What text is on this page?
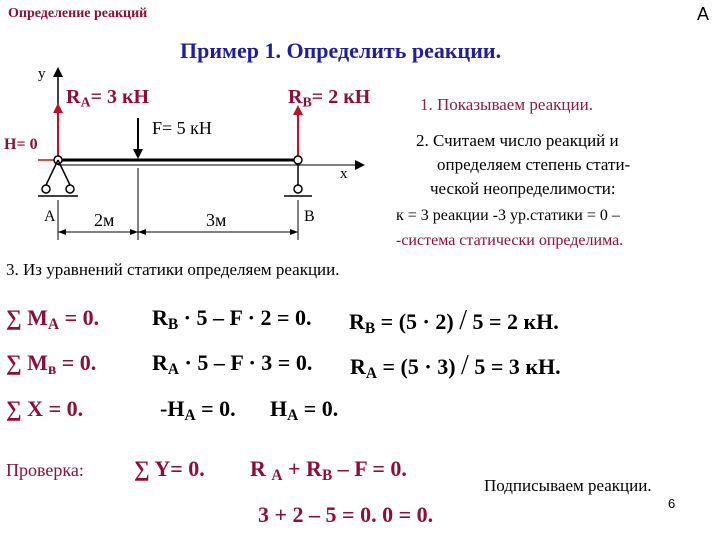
Определение реакций	A
Пример 1. Определить реакции.
y
x
$R_A= 3$ кН	$R_B= 2$ кН
F= 5 кН
H= 0
A	B
2м	3м
1. Показываем реакции.
2. Считаем число реакций и
определяем степень стати-
ческой неопределимости:
к = 3 реакции -3 ур.статики = 0 –
-система статически определима.
3. Из уравнений статики определяем реакции.
∑ $M_A = 0$. $R_B \cdot 5 - F \cdot 2 = 0$. $R_B = (5 \cdot 2) / 5 = 2$ кН.
∑ $M_в = 0$.	$R_A \cdot 5 - F \cdot 3 = 0$. $R_A = (5 \cdot 3) / 5 = 3$ кН.
∑ X = 0.	$-H_A = 0$. $H_A = 0$.
Проверка: ∑ Y= 0. R $_A + R_B - F = 0$.
3 + 2 – 5 = 0. 0 = 0.
Подписываем реакции.
6
